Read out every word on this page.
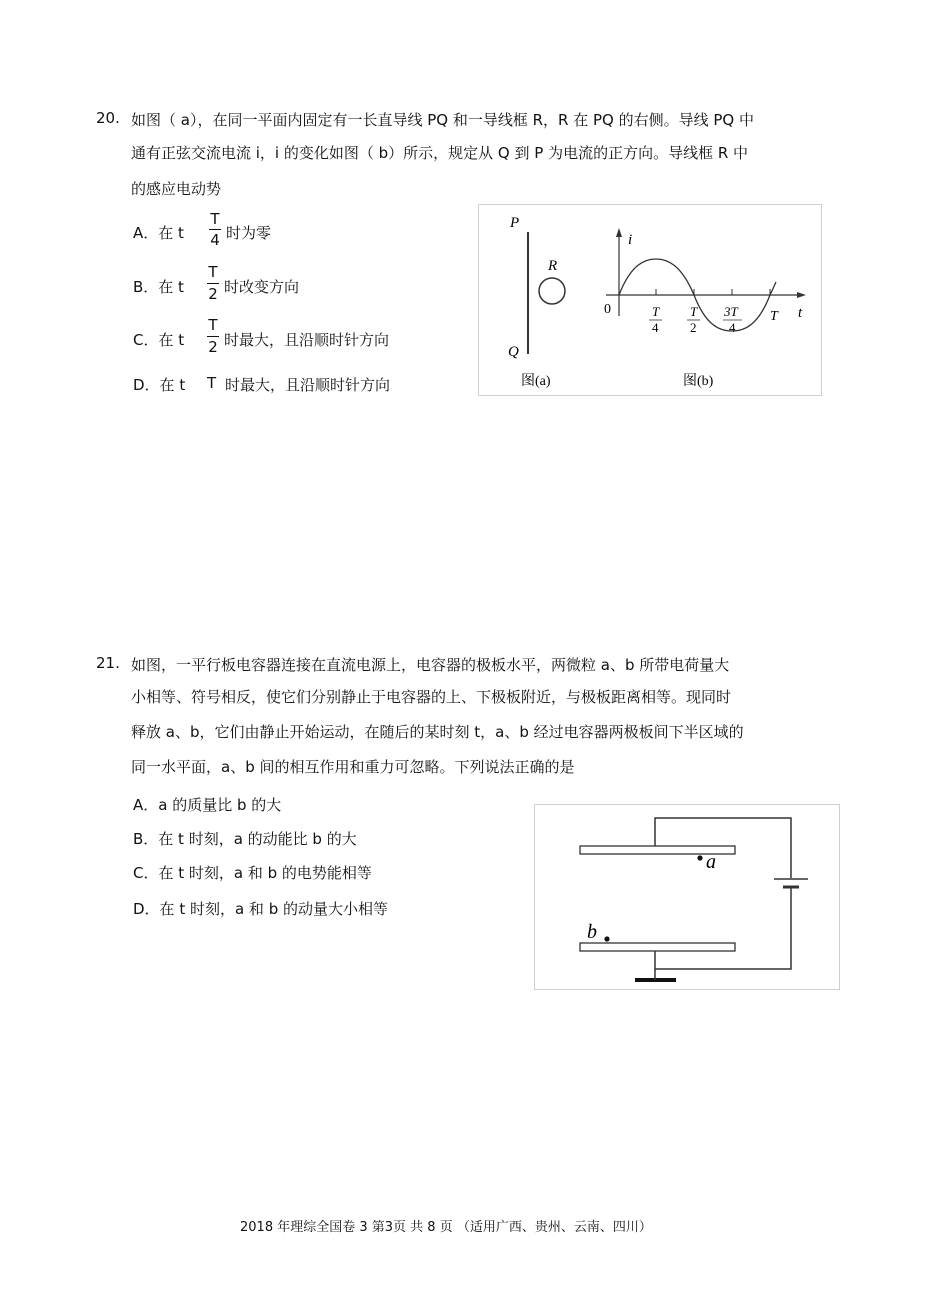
20. 如图（ a），在同一平面内固定有一长直导线 PQ 和一导线框 R，R 在 PQ 的右侧。导线 PQ 中
通有正弦交流电流 i，i 的变化如图（ b）所示，规定从 Q 到 P 为电流的正方向。导线框 R 中
的感应电动势
A．在 t
T
4 时为零
B．在 t
T
2 时改变方向
C．在 t
T
2 时最大，且沿顺时针方向
D．在 t T 时最大，且沿顺时针方向
P
Q
R
图(a)
i
t
0	T
4
T
2
3T
4
T
图(b)
21. 如图，一平行板电容器连接在直流电源上，电容器的极板水平，两微粒 a、b 所带电荷量大
小相等、符号相反，使它们分别静止于电容器的上、下极板附近，与极板距离相等。现同时
释放 a、b，它们由静止开始运动，在随后的某时刻 t，a、b 经过电容器两极板间下半区域的
同一水平面，a、b 间的相互作用和重力可忽略。下列说法正确的是
A．a 的质量比 b 的大
B．在 t 时刻，a 的动能比 b 的大
C．在 t 时刻，a 和 b 的电势能相等
D．在 t 时刻，a 和 b 的动量大小相等
a
b
2018 年理综全国卷 3 第3页 共 8 页 （适用广西、贵州、云南、四川）
